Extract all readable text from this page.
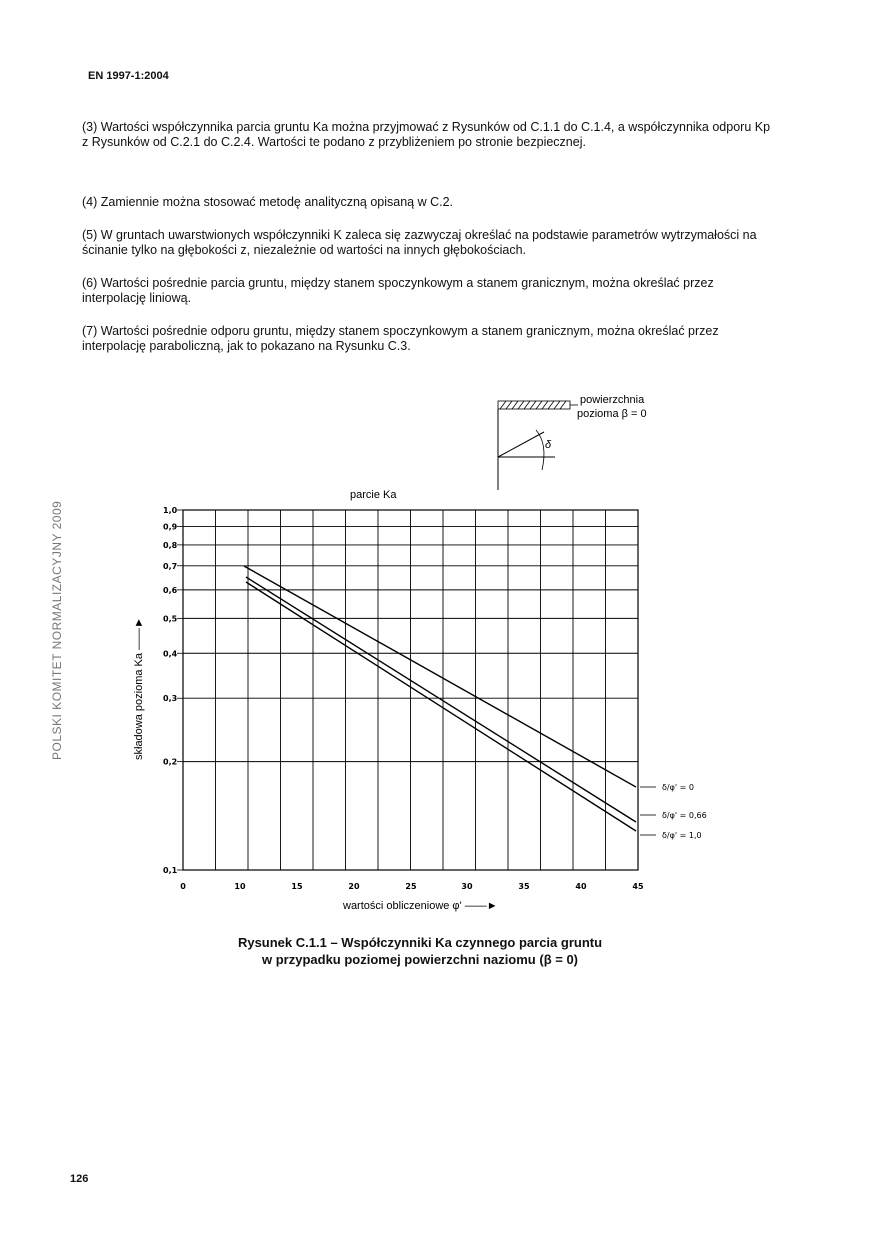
EN 1997-1:2004
(3) Wartości współczynnika parcia gruntu Ka można przyjmować z Rysunków od C.1.1 do C.1.4, a współczynnika odporu Kp z Rysunków od C.2.1 do C.2.4. Wartości te podano z przybliżeniem po stronie bezpiecznej.
(4) Zamiennie można stosować metodę analityczną opisaną w C.2.
(5) W gruntach uwarstwionych współczynniki K zaleca się zazwyczaj określać na podstawie parametrów wytrzymałości na ścinanie tylko na głębokości z, niezależnie od wartości na innych głębokościach.
(6) Wartości pośrednie parcia gruntu, między stanem spoczynkowym a stanem granicznym, można określać przez interpolację liniową.
(7) Wartości pośrednie odporu gruntu, między stanem spoczynkowym a stanem granicznym, można określać przez interpolację paraboliczną, jak to pokazano na Rysunku C.3.
POLSKI KOMITET NORMALIZACYJNY 2009
δ
powierzchnia
pozioma β = 0
parcie Ka
1,0
0,9
0,8
0,7
0,6
0,5
0,4
0,3
0,2
0,1
0	10	15	20	25	30	35	40	45
δ/φ' = 0
δ/φ' = 0,66
δ/φ' = 1,0
składowa pozioma Ka ——►
wartości obliczeniowe φ' ——►
Rysunek C.1.1 – Współczynniki Ka czynnego parcia gruntu
w przypadku poziomej powierzchni naziomu (β = 0)
126
